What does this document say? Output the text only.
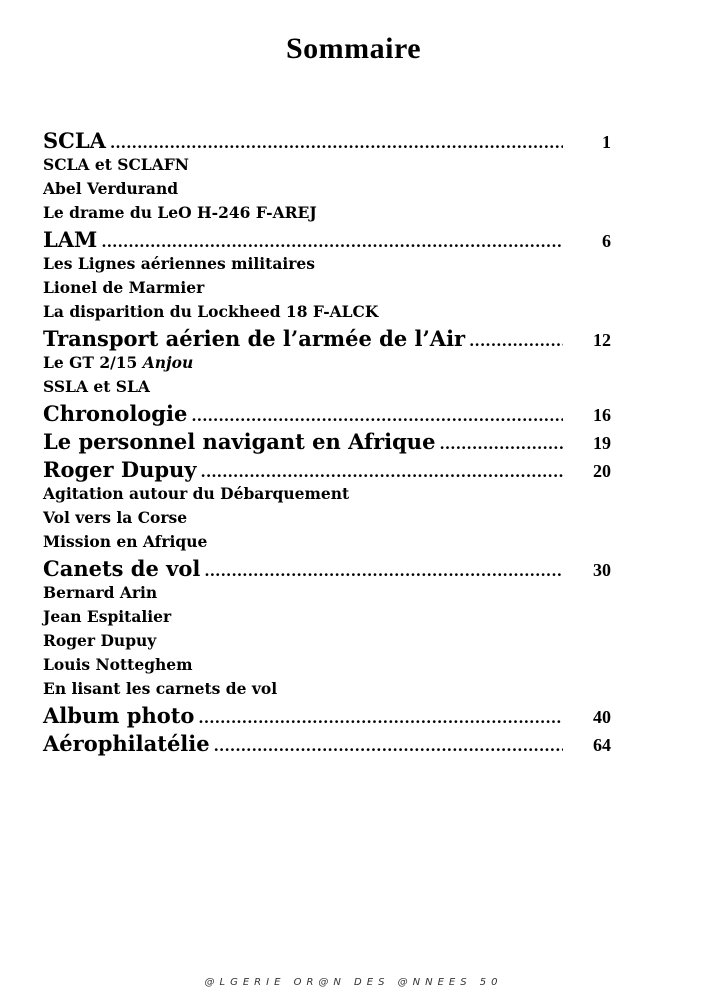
Sommaire
SCLA .....	1
SCLA et SCLAFN
Abel Verdurand
Le drame du LeO H-246 F-AREJ
LAM .....	6
Les Lignes aériennes militaires
Lionel de Marmier
La disparition du Lockheed 18 F-ALCK
Transport aérien de l’armée de l’Air .....	12
Le GT 2/15 Anjou
SSLA et SLA
Chronologie .....	16
Le personnel navigant en Afrique .....	19
Roger Dupuy .....	20
Agitation autour du Débarquement
Vol vers la Corse
Mission en Afrique
Canets de vol .....	30
Bernard Arin
Jean Espitalier
Roger Dupuy
Louis Notteghem
En lisant les carnets de vol
Album photo .....	40
Aérophilatélie .....	64
@LGERIE OR@N DES @NNEES 50
